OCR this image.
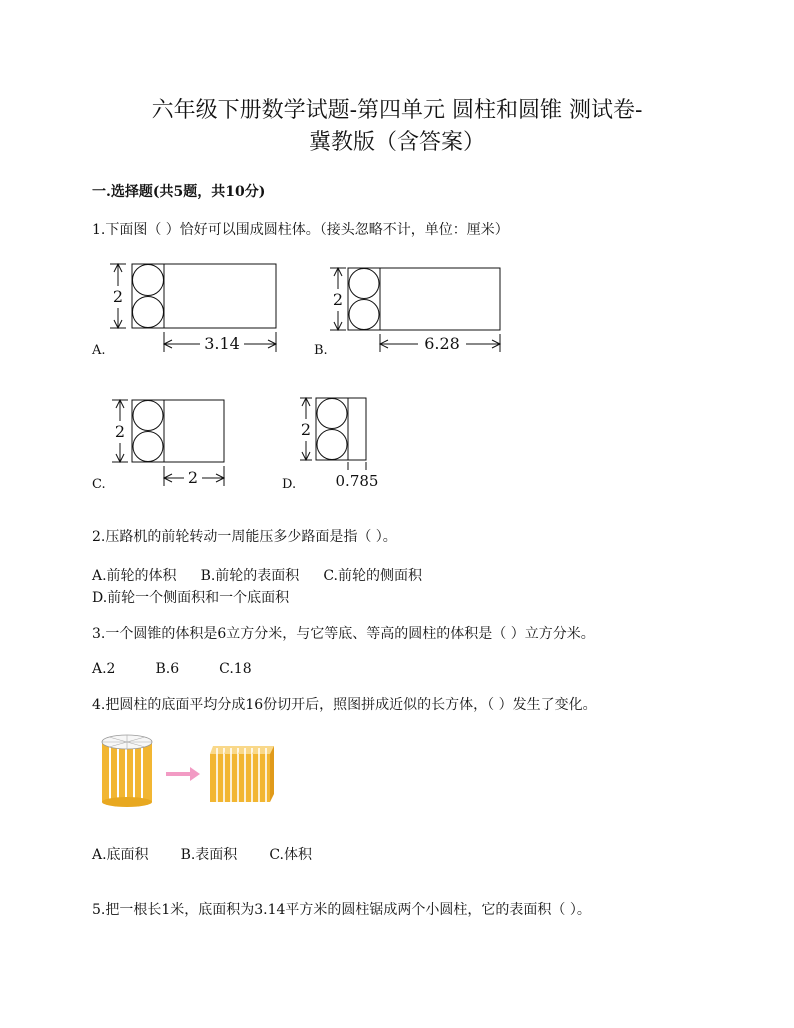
六年级下册数学试题-第四单元 圆柱和圆锥 测试卷-
冀教版（含答案）
一.选择题(共5题，共10分)
1.下面图（ ）恰好可以围成圆柱体。（接头忽略不计，单位：厘米）
2
3.14
A.
2
6.28
B.
2
2
C.
2
0.785
D.
2.压路机的前轮转动一周能压多少路面是指（ ）。
A.前轮的体积 B.前轮的表面积 C.前轮的侧面积
D.前轮一个侧面积和一个底面积
3.一个圆锥的体积是6立方分米，与它等底、等高的圆柱的体积是（ ）立方分米。
A.2	B.6	C.18
4.把圆柱的底面平均分成16份切开后，照图拼成近似的长方体，（ ）发生了变化。
A.底面积 B.表面积 C.体积
5.把一根长1米，底面积为3.14平方米的圆柱锯成两个小圆柱，它的表面积（ ）。
